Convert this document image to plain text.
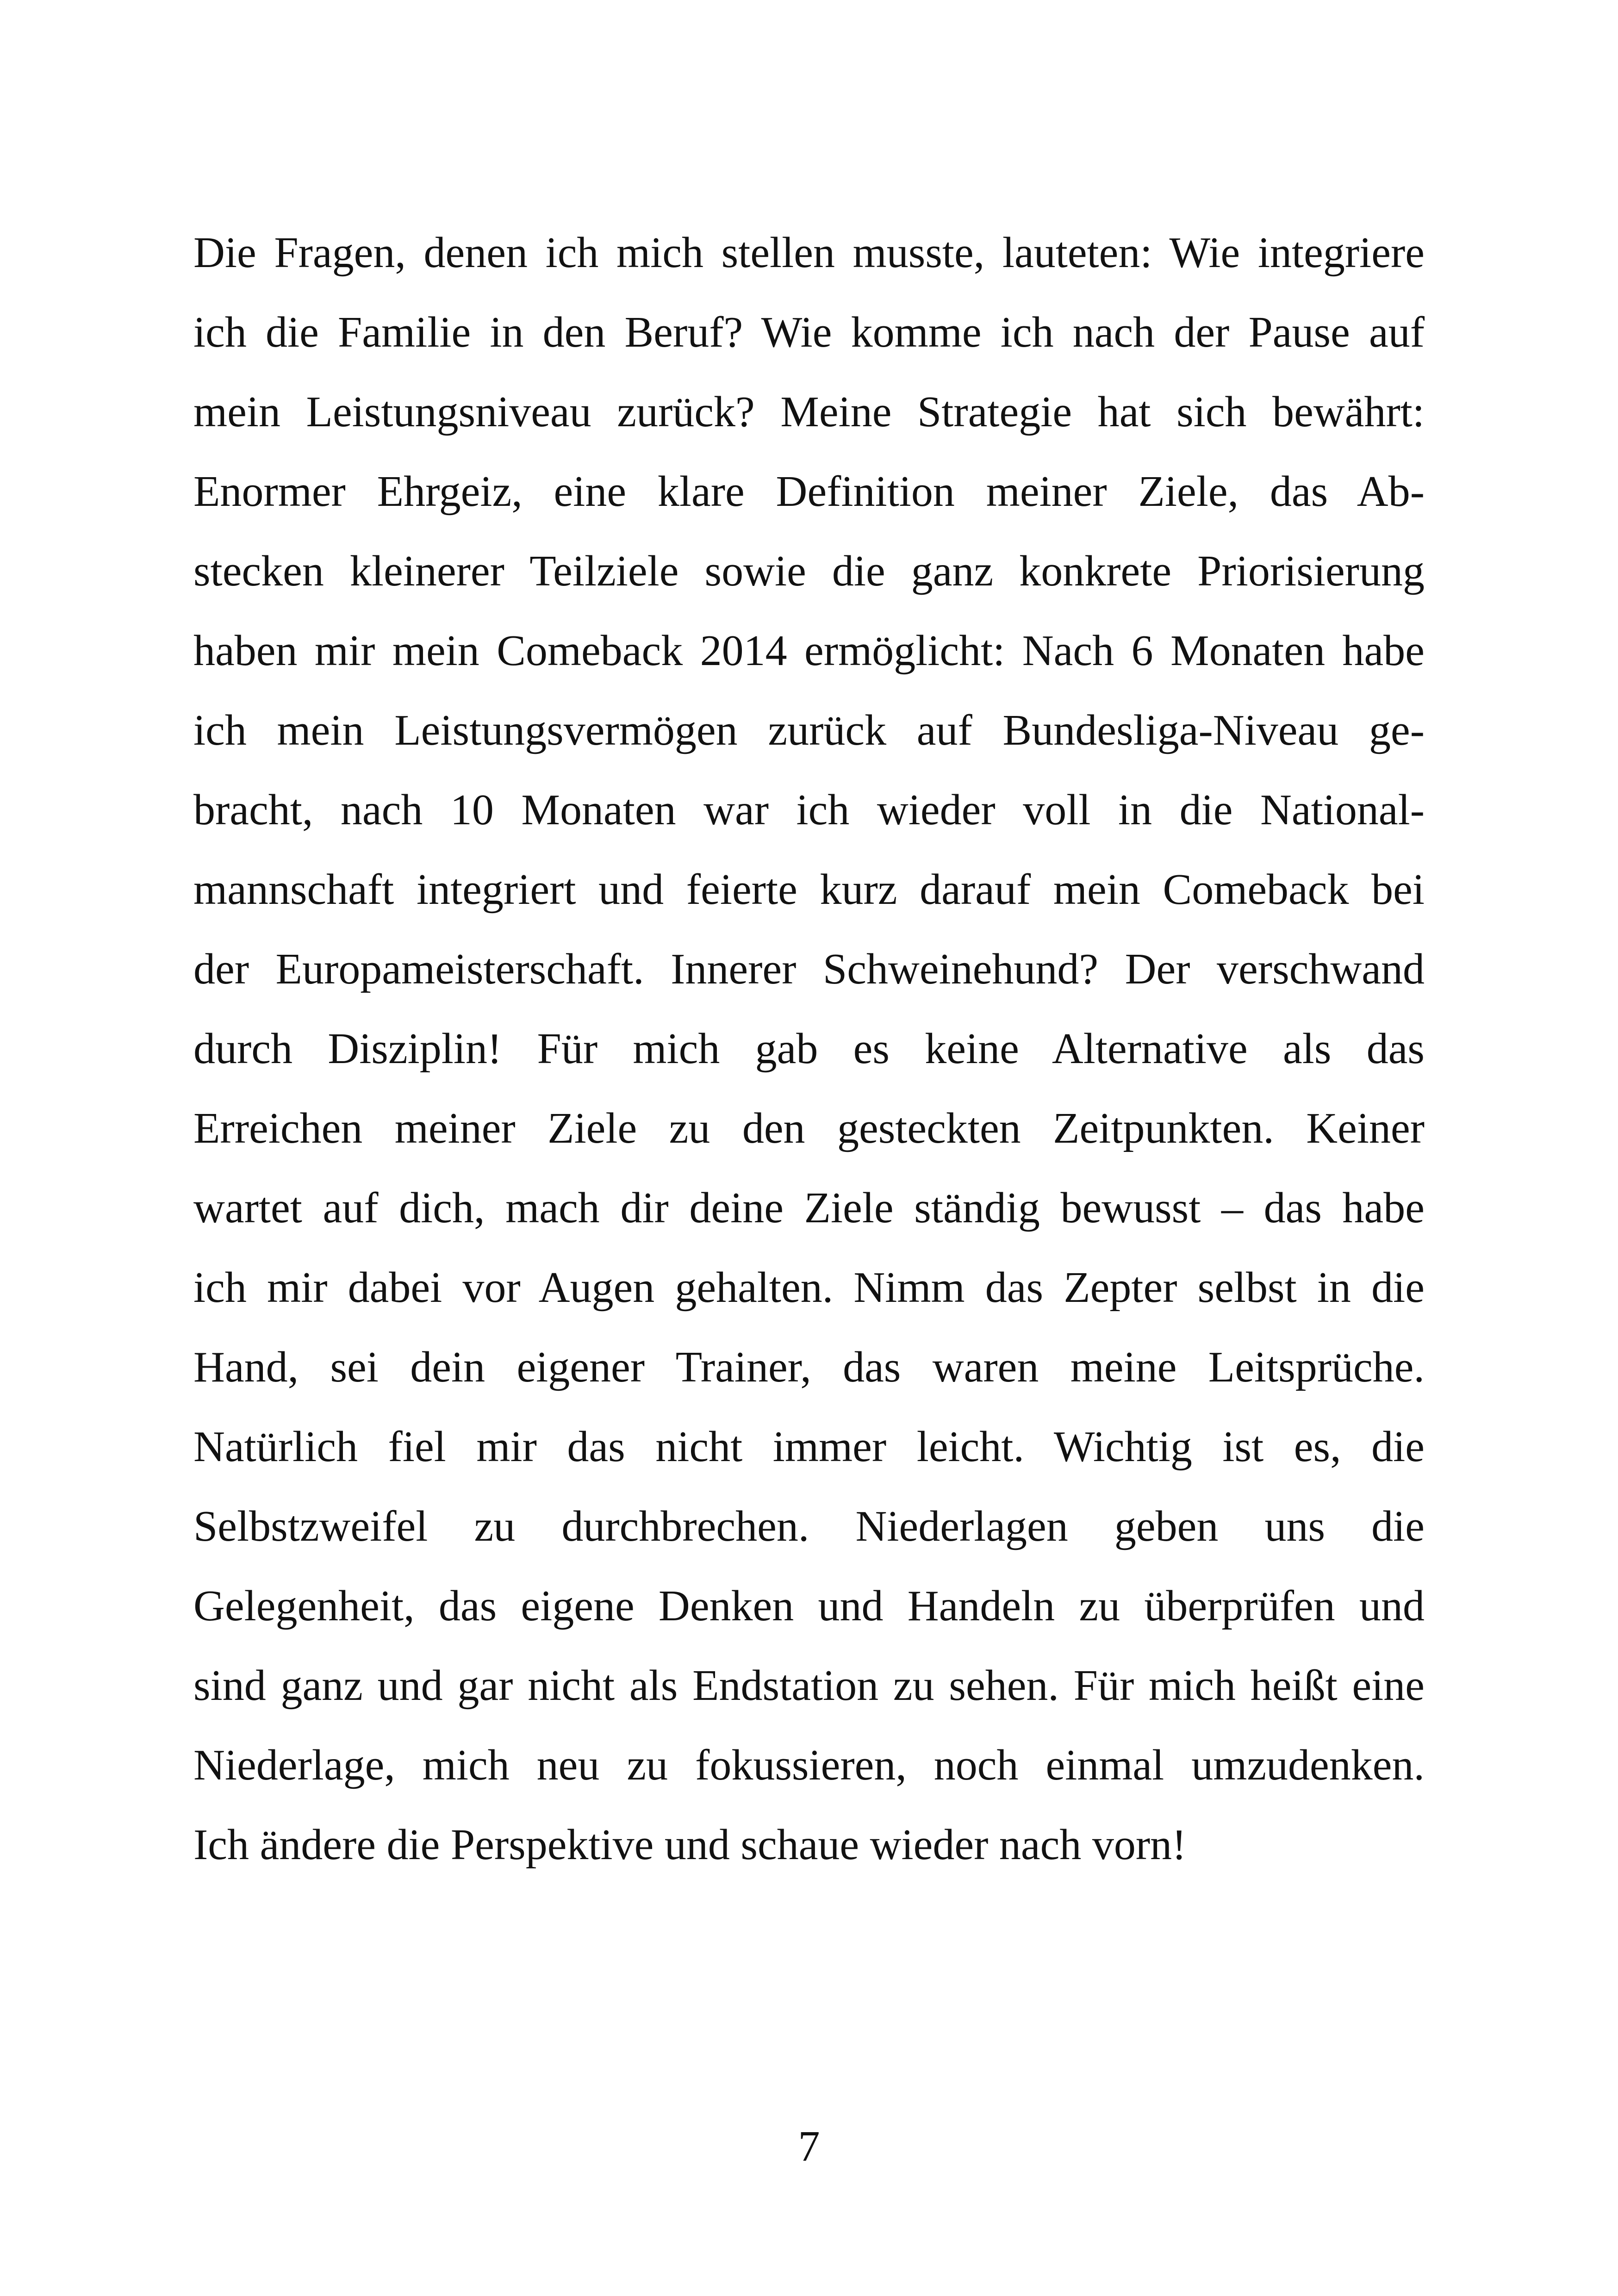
Die Fragen, denen ich mich stellen musste, lauteten: Wie integriere
ich die Familie in den Beruf? Wie komme ich nach der Pause auf
mein Leistungsniveau zurück? Meine Strategie hat sich bewährt:
Enormer Ehrgeiz, eine klare Definition meiner Ziele, das Ab-
stecken kleinerer Teilziele sowie die ganz konkrete Priorisierung
haben mir mein Comeback 2014 ermöglicht: Nach 6 Monaten habe
ich mein Leistungsvermögen zurück auf Bundesliga-Niveau ge-
bracht, nach 10 Monaten war ich wieder voll in die National-
mannschaft integriert und feierte kurz darauf mein Comeback bei
der Europameisterschaft. Innerer Schweinehund? Der verschwand
durch Disziplin! Für mich gab es keine Alternative als das
Erreichen meiner Ziele zu den gesteckten Zeitpunkten. Keiner
wartet auf dich, mach dir deine Ziele ständig bewusst – das habe
ich mir dabei vor Augen gehalten. Nimm das Zepter selbst in die
Hand, sei dein eigener Trainer, das waren meine Leitsprüche.
Natürlich fiel mir das nicht immer leicht. Wichtig ist es, die
Selbstzweifel zu durchbrechen. Niederlagen geben uns die
Gelegenheit, das eigene Denken und Handeln zu überprüfen und
sind ganz und gar nicht als Endstation zu sehen. Für mich heißt eine
Niederlage, mich neu zu fokussieren, noch einmal umzudenken.
Ich ändere die Perspektive und schaue wieder nach vorn!
7
